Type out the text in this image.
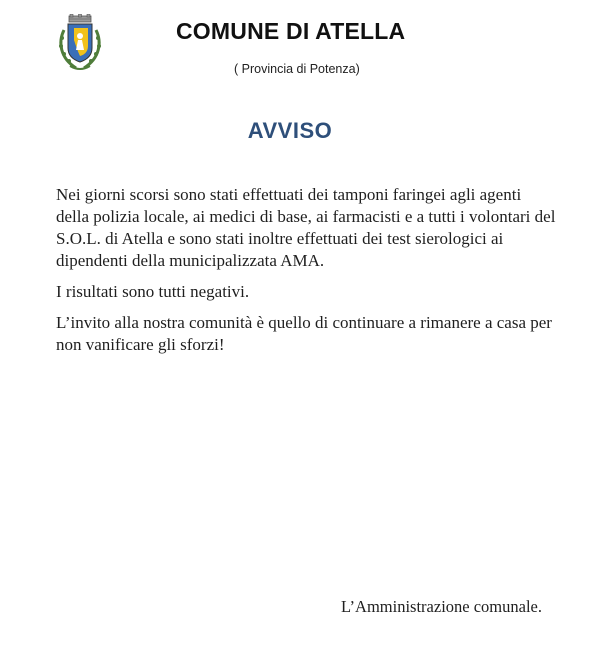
COMUNE DI ATELLA
( Provincia di Potenza)
AVVISO

Nei giorni scorsi sono stati effettuati dei tamponi faringei agli agenti della polizia locale, ai medici di base, ai farmacisti e a tutti i volontari del S.O.L. di Atella e sono stati inoltre effettuati dei test sierologici ai dipendenti della municipalizzata AMA.

I risultati sono tutti negativi.

L’invito alla nostra comunità è quello di continuare a rimanere a casa per non vanificare gli sforzi!

L’Amministrazione comunale.
